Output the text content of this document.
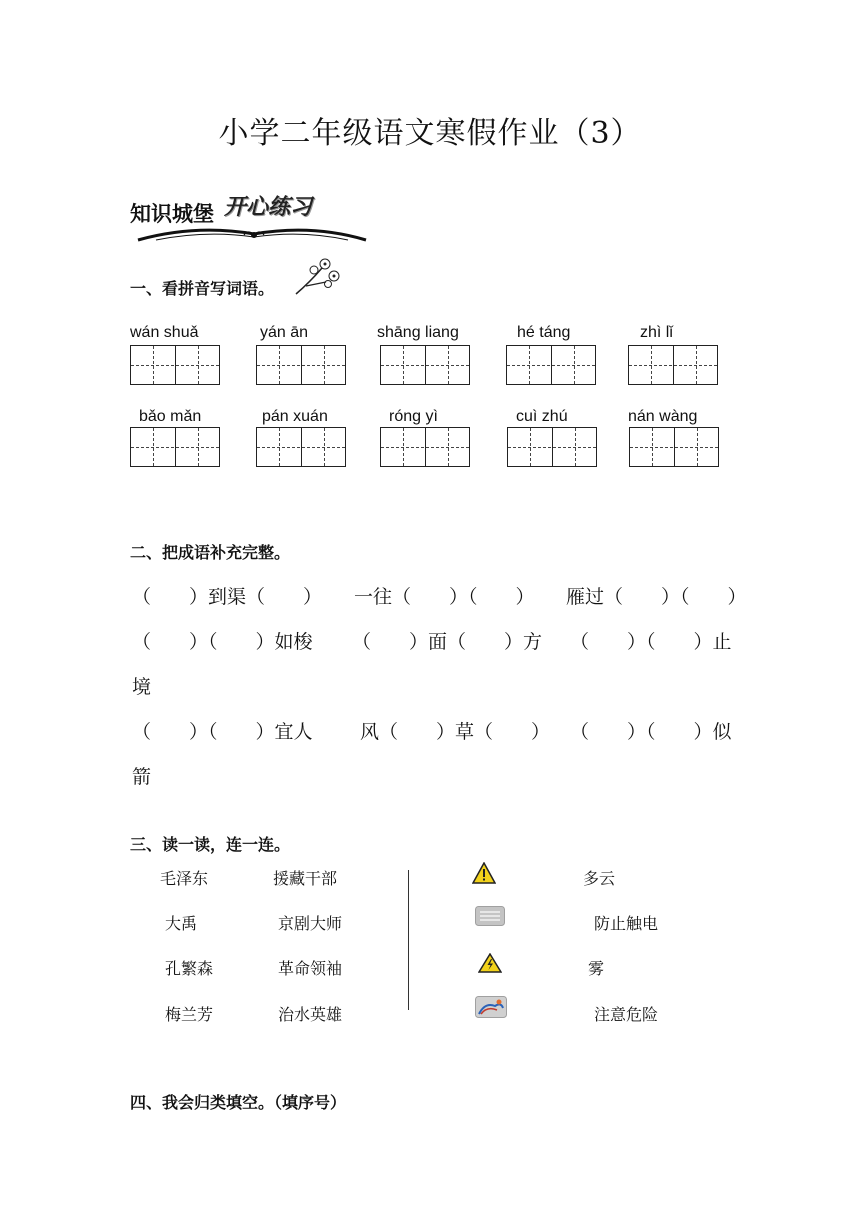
小学二年级语文寒假作业（3）
知识城堡 开心练习
一、看拼音写词语。
wán shuǎ	yán ān	shāng liang	hé táng	zhì lǐ
bǎo mǎn	pán xuán	róng yì	cuì zhú	nán wàng
二、把成语补充完整。
（　　）到渠（　　） 一往（　　）（　　） 雁过（　　）（　　）
（　　）（　　）如梭 （　　）面（　　）方 （　　）（　　）止
境
（　　）（　　）宜人 风（　　）草（　　） （　　）（　　）似
箭
三、读一读，连一连。
毛泽东
大禹
孔繁森
梅兰芳
援藏干部
京剧大师
革命领袖
治水英雄
多云
防止触电
雾
注意危险
四、我会归类填空。（填序号）
